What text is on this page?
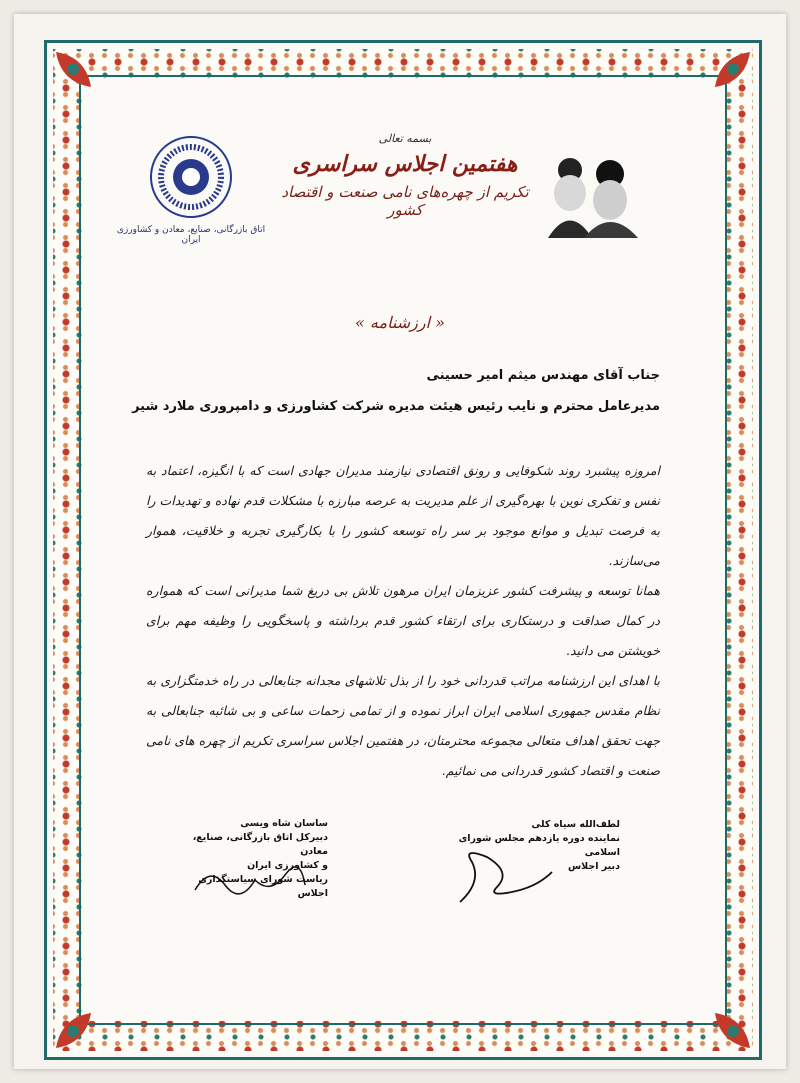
اتاق بازرگانی، صنایع، معادن و کشاورزی ایران
بسمه تعالی
هفتمین اجلاس سراسری
تکریم از چهره‌های نامی صنعت و اقتصاد کشور
« ارزشنامه »
جناب آقای مهندس میثم امیر حسینی
مدیرعامل محترم و نایب رئیس هیئت مدیره شرکت کشاورزی و دامپروری ملارد شیر

امروزه پیشبرد روند شکوفایی و رونق اقتصادی نیازمند مدیران جهادی است که با انگیزه، اعتماد به نفس و تفکری نوین با بهره‌گیری از علم مدیریت به عرصه مبارزه با مشکلات قدم نهاده و تهدیدات را به فرصت تبدیل و موانع موجود بر سر راه توسعه کشور را با بکارگیری تجربه و خلاقیت، هموار می‌سازند.

همانا توسعه و پیشرفت کشور عزیزمان ایران مرهون تلاش بی دریغ شما مدیرانی است که همواره در کمال صداقت و درستکاری برای ارتقاء کشور قدم برداشته و پاسخگویی را وظیفه مهم برای خویشتن می دانید.

با اهدای این ارزشنامه مراتب قدردانی خود را از بذل تلاشهای مجدانه جنابعالی در راه خدمتگزاری به نظام مقدس جمهوری اسلامی ایران ابراز نموده و از تمامی زحمات ساعی و بی شائبه جنابعالی به جهت تحقق اهداف متعالی مجموعه محترمتان، در هفتمین اجلاس سراسری تکریم از چهره های نامی صنعت و اقتصاد کشور قدردانی می نمائیم.

ساسان شاه ویسی
دبیرکل اتاق بازرگانی، صنایع، معادن
و کشاورزی ایران
ریاست شورای سیاستگذاری اجلاس
لطف‌الله سیاه کلی
نماینده دوره یازدهم مجلس شورای
اسلامی
دبیر اجلاس
